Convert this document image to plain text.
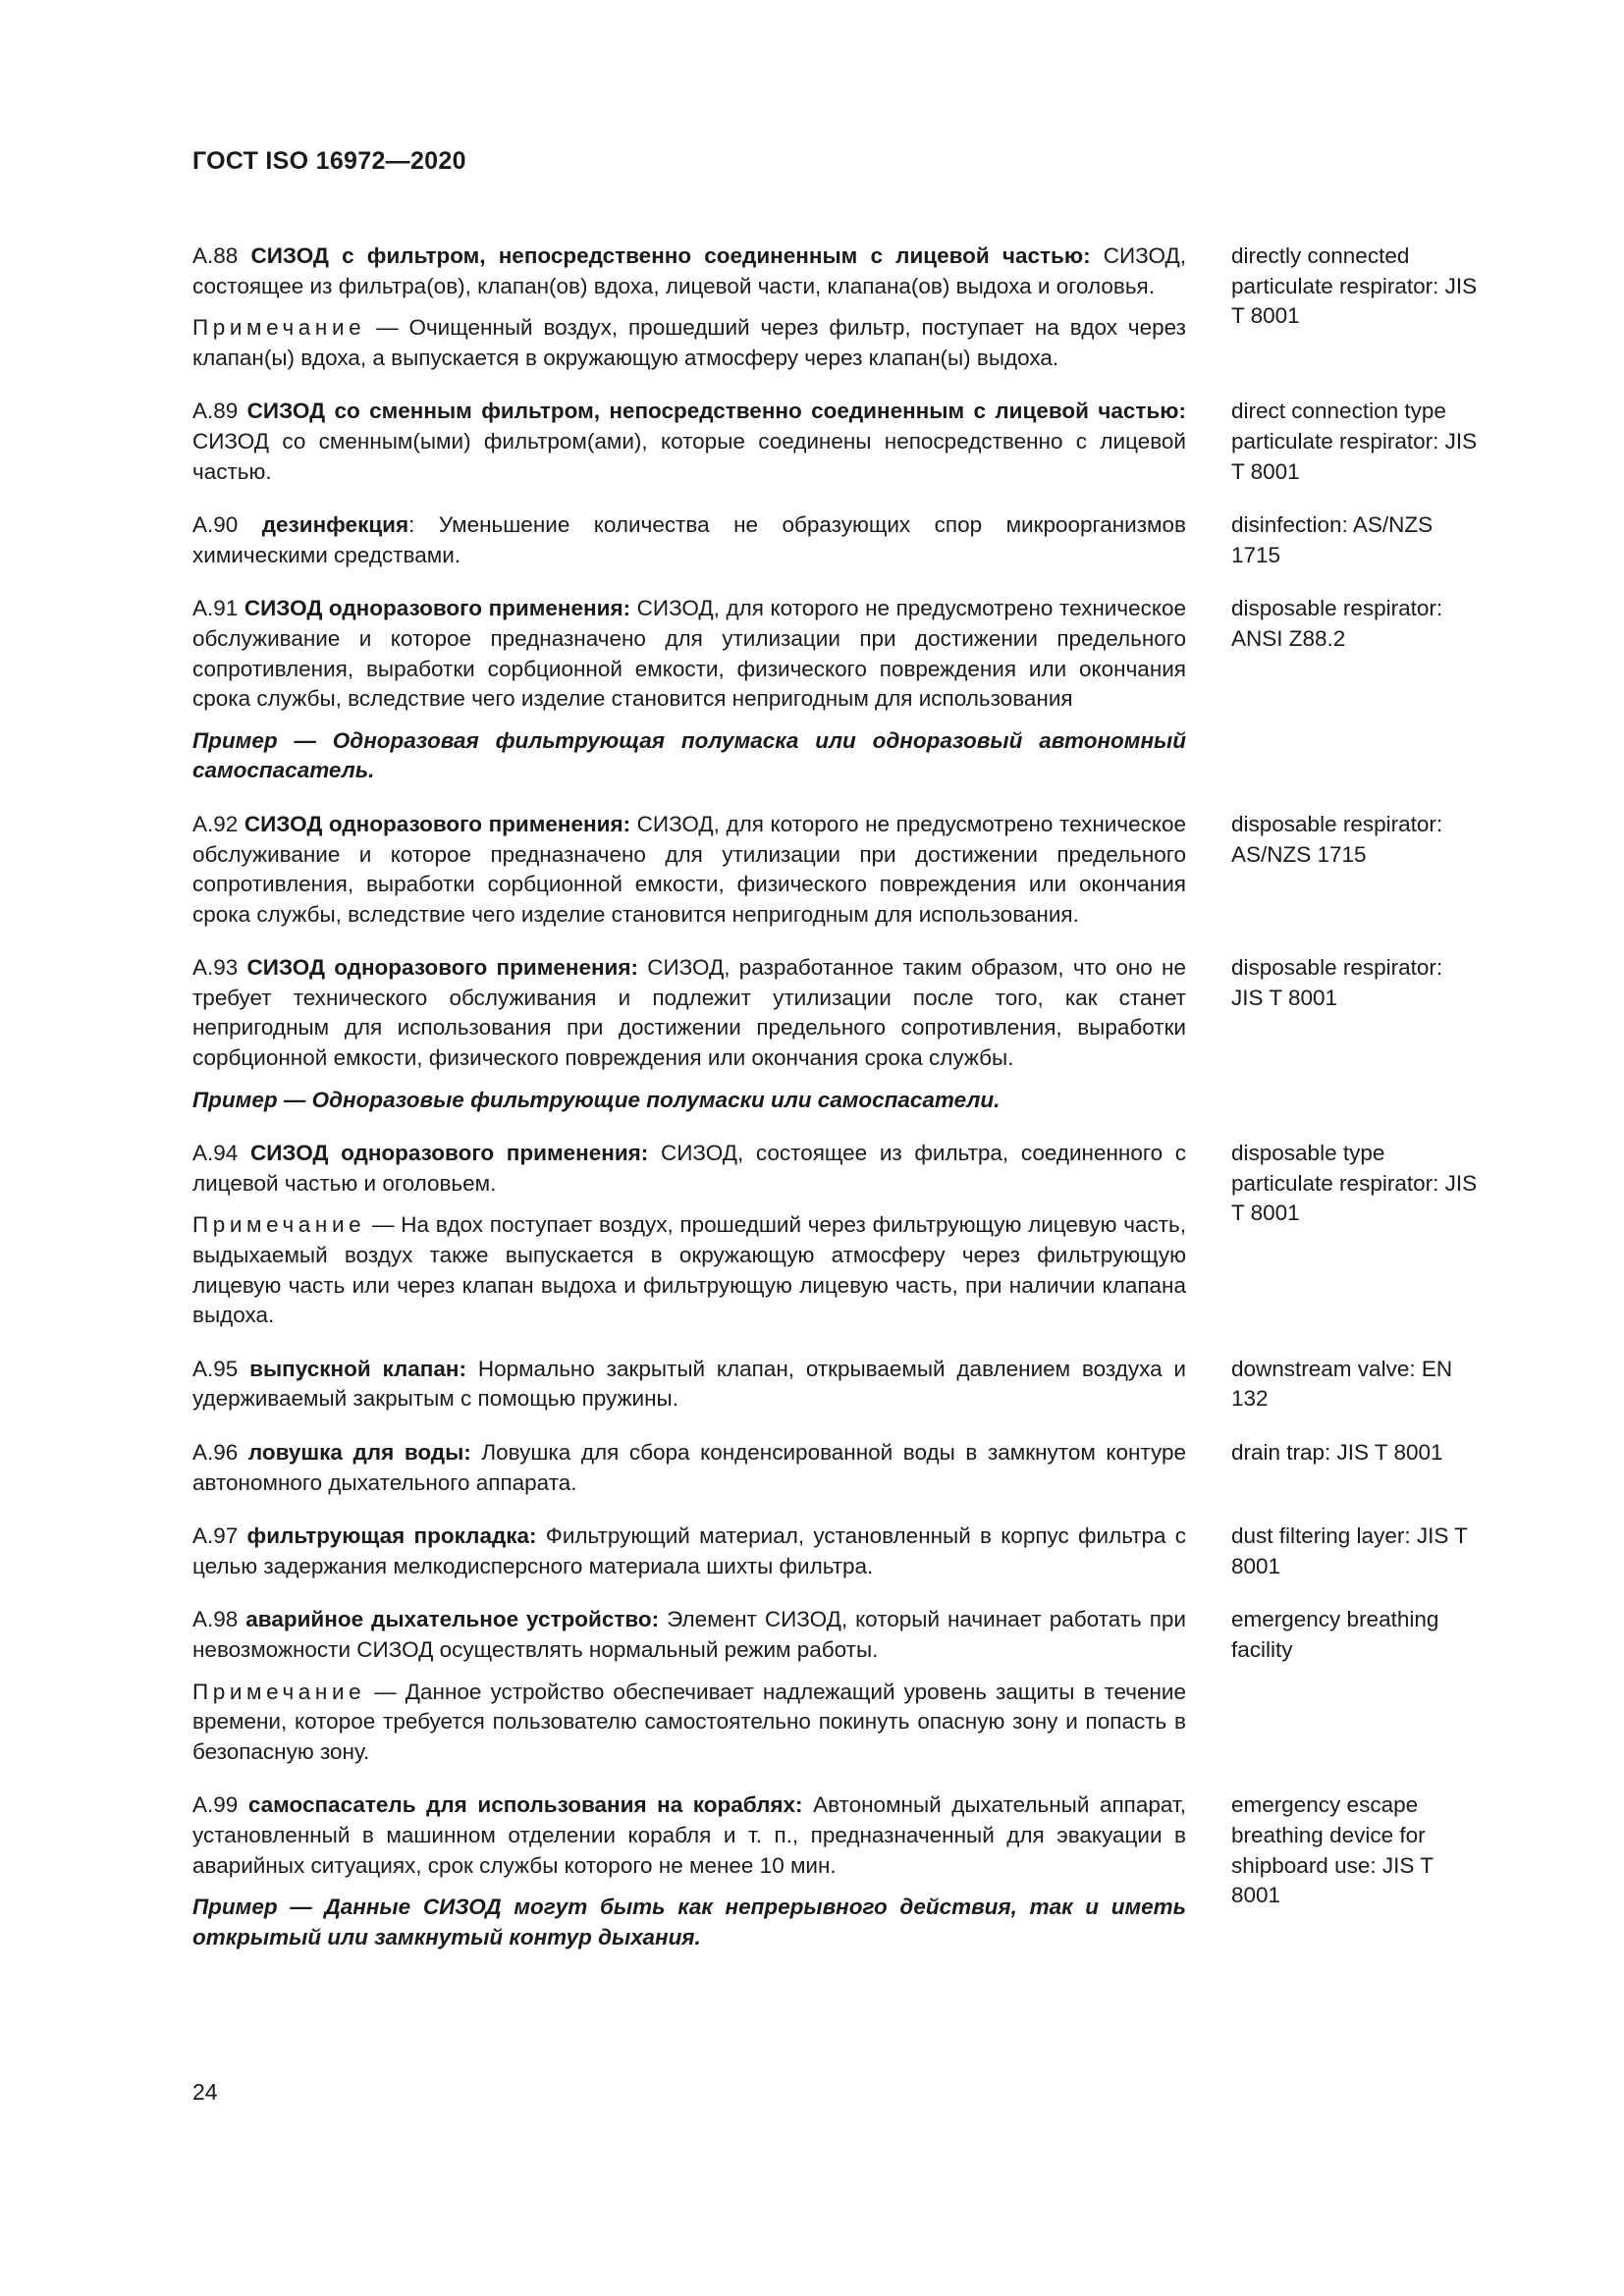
ГОСТ ISO 16972—2020

А.88 СИЗОД с фильтром, непосредственно соединенным с лицевой частью: СИЗОД, состоящее из фильтра(ов), клапан(ов) вдоха, лицевой части, клапана(ов) выдоха и оголовья.

Примечание — Очищенный воздух, прошедший через фильтр, поступает на вдох через клапан(ы) вдоха, а выпускается в окружающую атмосферу через клапан(ы) выдоха.

directly connected particulate respirator: JIS T 8001

А.89 СИЗОД со сменным фильтром, непосредственно соединенным с лицевой частью: СИЗОД со сменным(ыми) фильтром(ами), которые соединены непосредственно с лицевой частью.

direct connection type particulate respirator: JIS T 8001

А.90 дезинфекция: Уменьшение количества не образующих спор микроорганизмов химическими средствами.

disinfection: AS/NZS 1715

А.91 СИЗОД одноразового применения: СИЗОД, для которого не предусмотрено техническое обслуживание и которое предназначено для утилизации при достижении предельного сопротивления, выработки сорбционной емкости, физического повреждения или окончания срока службы, вследствие чего изделие становится непригодным для использования

Пример — Одноразовая фильтрующая полумаска или одноразовый автономный самоспасатель.

disposable respirator: ANSI Z88.2

А.92 СИЗОД одноразового применения: СИЗОД, для которого не предусмотрено техническое обслуживание и которое предназначено для утилизации при достижении предельного сопротивления, выработки сорбционной емкости, физического повреждения или окончания срока службы, вследствие чего изделие становится непригодным для использования.

disposable respirator: AS/NZS 1715

А.93 СИЗОД одноразового применения: СИЗОД, разработанное таким образом, что оно не требует технического обслуживания и подлежит утилизации после того, как станет непригодным для использования при достижении предельного сопротивления, выработки сорбционной емкости, физического повреждения или окончания срока службы.

Пример — Одноразовые фильтрующие полумаски или самоспасатели.

disposable respirator: JIS T 8001

А.94 СИЗОД одноразового применения: СИЗОД, состоящее из фильтра, соединенного с лицевой частью и оголовьем.

Примечание — На вдох поступает воздух, прошедший через фильтрующую лицевую часть, выдыхаемый воздух также выпускается в окружающую атмосферу через фильтрующую лицевую часть или через клапан выдоха и фильтрующую лицевую часть, при наличии клапана выдоха.

disposable type particulate respirator: JIS T 8001

А.95 выпускной клапан: Нормально закрытый клапан, открываемый давлением воздуха и удерживаемый закрытым с помощью пружины.

downstream valve: EN 132

А.96 ловушка для воды: Ловушка для сбора конденсированной воды в замкнутом контуре автономного дыхательного аппарата.

drain trap: JIS T 8001

А.97 фильтрующая прокладка: Фильтрующий материал, установленный в корпус фильтра с целью задержания мелкодисперсного материала шихты фильтра.

dust filtering layer: JIS T 8001

А.98 аварийное дыхательное устройство: Элемент СИЗОД, который начинает работать при невозможности СИЗОД осуществлять нормальный режим работы.

Примечание — Данное устройство обеспечивает надлежащий уровень защиты в течение времени, которое требуется пользователю самостоятельно покинуть опасную зону и попасть в безопасную зону.

emergency breathing facility

А.99 самоспасатель для использования на кораблях: Автономный дыхательный аппарат, установленный в машинном отделении корабля и т. п., предназначенный для эвакуации в аварийных ситуациях, срок службы которого не менее 10 мин.

Пример — Данные СИЗОД могут быть как непрерывного действия, так и иметь открытый или замкнутый контур дыхания.

emergency escape breathing device for shipboard use: JIS T 8001
24
